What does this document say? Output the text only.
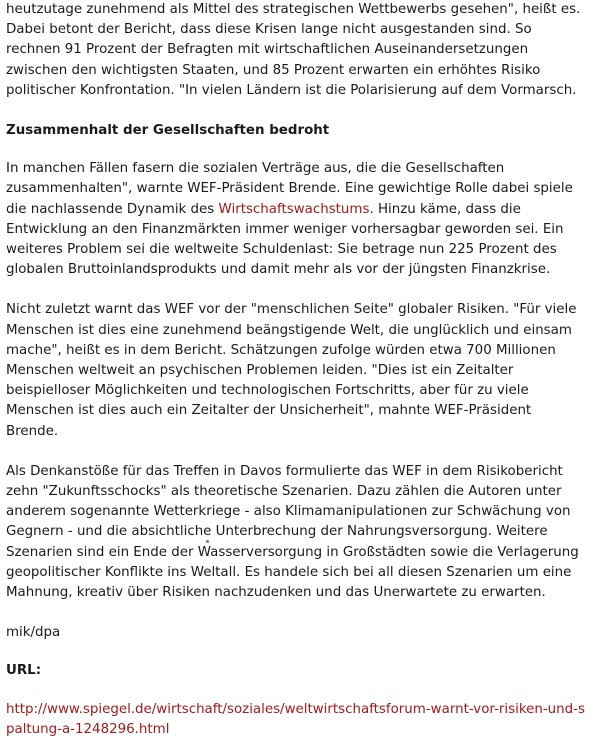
heutzutage zunehmend als Mittel des strategischen Wettbewerbs gesehen", heißt es. Dabei betont der Bericht, dass diese Krisen lange nicht ausgestanden sind. So rechnen 91 Prozent der Befragten mit wirtschaftlichen Auseinandersetzungen zwischen den wichtigsten Staaten, und 85 Prozent erwarten ein erhöhtes Risiko politischer Konfrontation. "In vielen Ländern ist die Polarisierung auf dem Vormarsch.

Zusammenhalt der Gesellschaften bedroht

In manchen Fällen fasern die sozialen Verträge aus, die die Gesellschaften zusammenhalten", warnte WEF-Präsident Brende. Eine gewichtige Rolle dabei spiele die nachlassende Dynamik des Wirtschaftswachstums. Hinzu käme, dass die Entwicklung an den Finanzmärkten immer weniger vorhersagbar geworden sei. Ein weiteres Problem sei die weltweite Schuldenlast: Sie betrage nun 225 Prozent des globalen Bruttoinlandsprodukts und damit mehr als vor der jüngsten Finanzkrise.

Nicht zuletzt warnt das WEF vor der "menschlichen Seite" globaler Risiken. "Für viele Menschen ist dies eine zunehmend beängstigende Welt, die unglücklich und einsam mache", heißt es in dem Bericht. Schätzungen zufolge würden etwa 700 Millionen Menschen weltweit an psychischen Problemen leiden. "Dies ist ein Zeitalter beispielloser Möglichkeiten und technologischen Fortschritts, aber für zu viele Menschen ist dies auch ein Zeitalter der Unsicherheit", mahnte WEF-Präsident Brende.

Als Denkanstöße für das Treffen in Davos formulierte das WEF in dem Risikobericht zehn "Zukunftsschocks" als theoretische Szenarien. Dazu zählen die Autoren unter anderem sogenannte Wetterkriege - also Klimamanipulationen zur Schwächung von Gegnern - und die absichtliche Unterbrechung der Nahrungsversorgung. Weitere Szenarien sind ein Ende der Wasserversorgung in Großstädten sowie die Verlagerung geopolitischer Konflikte ins Weltall. Es handele sich bei all diesen Szenarien um eine Mahnung, kreativ über Risiken nachzudenken und das Unerwartete zu erwarten.

mik/dpa

URL:

http://www.spiegel.de/wirtschaft/soziales/weltwirtschaftsforum-warnt-vor-risiken-und-spaltung-a-1248296.html
